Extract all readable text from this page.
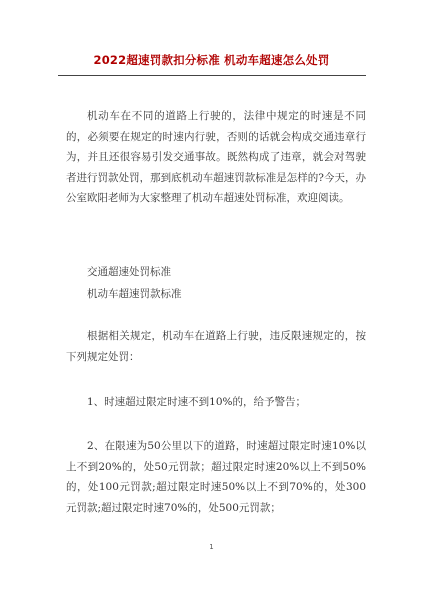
2022超速罚款扣分标准 机动车超速怎么处罚

机动车在不同的道路上行驶的，法律中规定的时速是不同的，必须要在规定的时速内行驶，否则的话就会构成交通违章行为，并且还很容易引发交通事故。既然构成了违章，就会对驾驶者进行罚款处罚，那到底机动车超速罚款标准是怎样的?今天，办公室欧阳老师为大家整理了机动车超速处罚标准，欢迎阅读。

交通超速处罚标准
机动车超速罚款标准

根据相关规定，机动车在道路上行驶，违反限速规定的，按下列规定处罚：

1、时速超过限定时速不到10%的，给予警告；

2、在限速为50公里以下的道路，时速超过限定时速10%以上不到20%的，处50元罚款；超过限定时速20%以上不到50%的，处100元罚款;超过限定时速50%以上不到70%的，处300元罚款;超过限定时速70%的，处500元罚款；

1
